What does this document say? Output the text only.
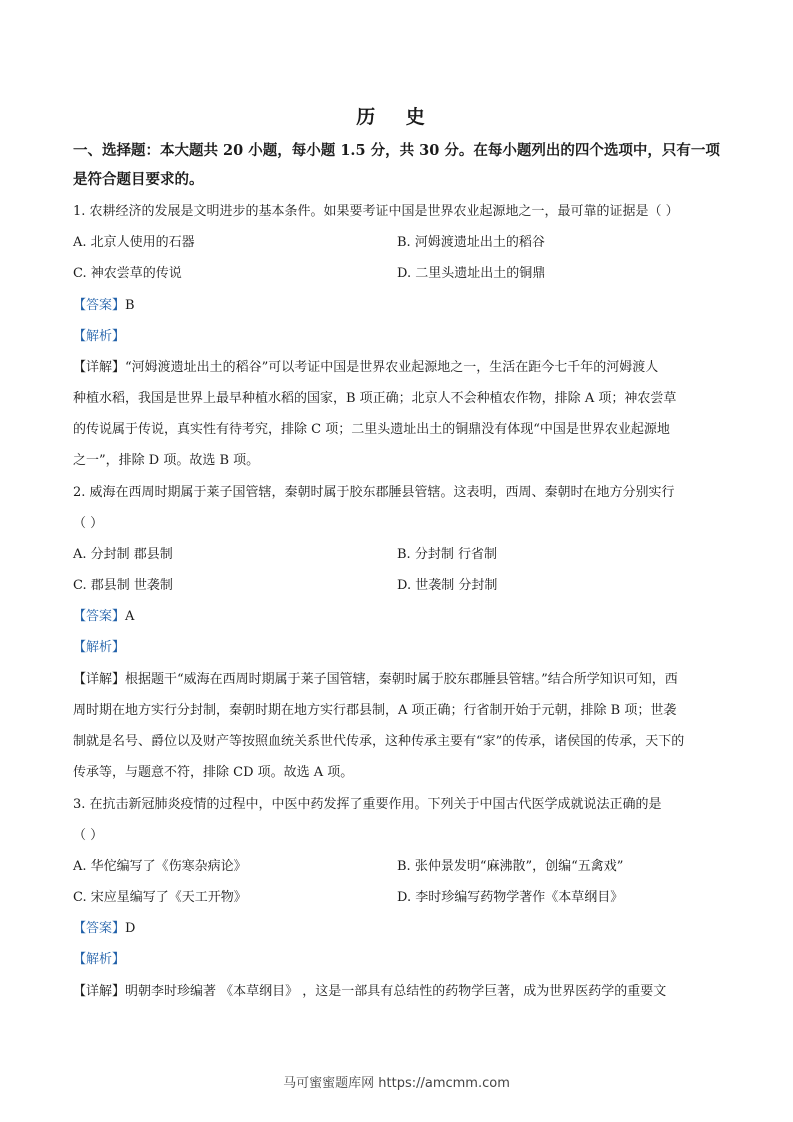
历 史
一、选择题：本大题共 20 小题，每小题 1.5 分，共 30 分。在每小题列出的四个选项中，只有一项是符合题目要求的。
1. 农耕经济的发展是文明进步的基本条件。如果要考证中国是世界农业起源地之一，最可靠的证据是（ ）
A. 北京人使用的石器	B. 河姆渡遗址出土的稻谷
C. 神农尝草的传说	D. 二里头遗址出土的铜鼎
【答案】B
【解析】
【详解】“河姆渡遗址出土的稻谷”可以考证中国是世界农业起源地之一，生活在距今七千年的河姆渡人
种植水稻，我国是世界上最早种植水稻的国家，B 项正确；北京人不会种植农作物，排除 A 项；神农尝草
的传说属于传说，真实性有待考究，排除 C 项；二里头遗址出土的铜鼎没有体现“中国是世界农业起源地
之一”，排除 D 项。故选 B 项。
2. 威海在西周时期属于莱子国管辖，秦朝时属于胶东郡腄县管辖。这表明，西周、秦朝时在地方分别实行
（ ）
A. 分封制 郡县制	B. 分封制 行省制
C. 郡县制 世袭制	D. 世袭制 分封制
【答案】A
【解析】
【详解】根据题干“威海在西周时期属于莱子国管辖，秦朝时属于胶东郡腄县管辖。”结合所学知识可知，西
周时期在地方实行分封制，秦朝时期在地方实行郡县制，A 项正确；行省制开始于元朝，排除 B 项；世袭
制就是名号、爵位以及财产等按照血统关系世代传承，这种传承主要有“家”的传承，诸侯国的传承，天下的
传承等，与题意不符，排除 CD 项。故选 A 项。
3. 在抗击新冠肺炎疫情的过程中，中医中药发挥了重要作用。下列关于中国古代医学成就说法正确的是
（ ）
A. 华佗编写了《伤寒杂病论》	B. 张仲景发明“麻沸散”，创编“五禽戏”
C. 宋应星编写了《天工开物》	D. 李时珍编写药物学著作《本草纲目》
【答案】D
【解析】
【详解】明朝李时珍编著 《本草纲目》 ，这是一部具有总结性的药物学巨著，成为世界医药学的重要文
马可蜜蜜题库网 https://amcmm.com
